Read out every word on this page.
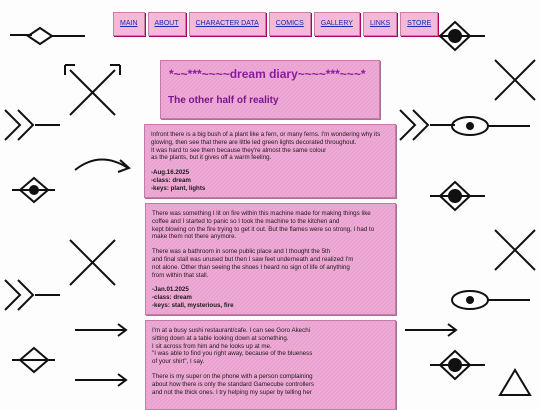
MAIN	ABOUT	CHARACTER DATA	COMICS	GALLERY	LINKS	STORE
*~~***~~~~dream diary~~~~***~~~*
The other half of reality

Infront there is a big bush of a plant like a fern, or many ferns. I'm wondering why its glowing, then see that there are little led green lights decorated throughout.
It was hard to see them because they're almost the same colour
as the plants, but it gives off a warm feeling.

-Aug.16.2025
-class: dream
-keys: plant, lights

There was something I lit on fire within this machine made for making things like coffee and I started to panic so I took the machine to the kitchen and
kept blowing on the fire trying to get it out. But the flames were so strong, I had to make them not there anymore.

There was a bathroom in some public place and I thought the 5th
and final stall was unused but then I saw feet underneath and realized I'm
not alone. Other than seeing the shoes I heard no sign of life of anything
from within that stall.

-Jan.01.2025
-class: dream
-keys: stall, mysterious, fire

I'm at a busy sushi restaurant/cafe. I can see Goro Akechi
sitting down at a table looking down at something.
I sit across from him and he looks up at me.
"I was able to find you right away, because of the blueness
of your shirt", I say.

There is my super on the phone with a person complaining
about how there is only the standard Gamecube controllers
and not the thick ones. I try helping my super by telling her
